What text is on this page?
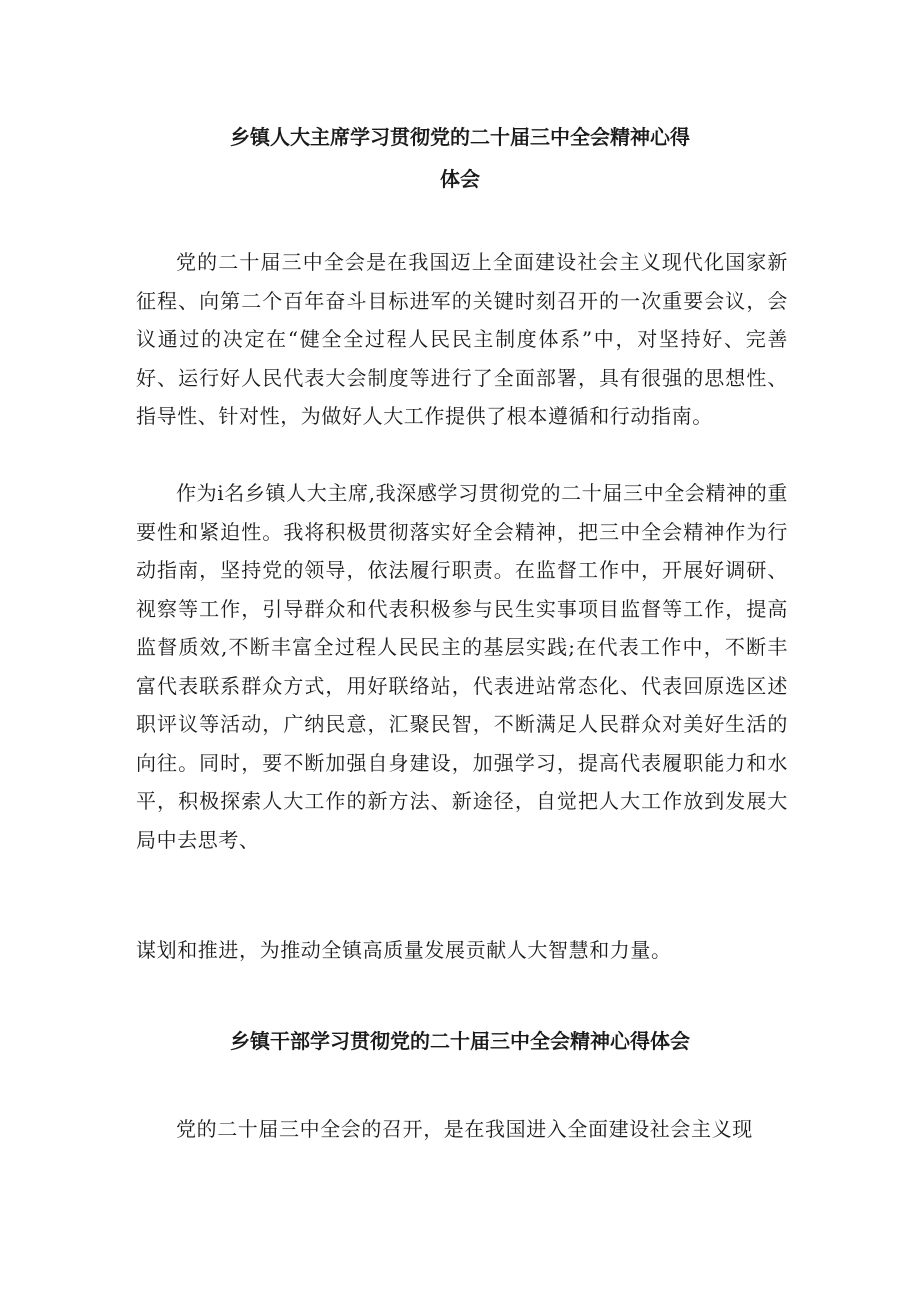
乡镇人大主席学习贯彻党的二十届三中全会精神心得
体会

党的二十届三中全会是在我国迈上全面建设社会主义现代化国家新征程、向第二个百年奋斗目标进军的关键时刻召开的一次重要会议，会议通过的决定在“健全全过程人民民主制度体系”中，对坚持好、完善好、运行好人民代表大会制度等进行了全面部署，具有很强的思想性、指导性、针对性，为做好人大工作提供了根本遵循和行动指南。

作为i名乡镇人大主席,我深感学习贯彻党的二十届三中全会精神的重要性和紧迫性。我将积极贯彻落实好全会精神，把三中全会精神作为行动指南，坚持党的领导，依法履行职责。在监督工作中，开展好调研、视察等工作，引导群众和代表积极参与民生实事项目监督等工作，提高监督质效,不断丰富全过程人民民主的基层实践;在代表工作中，不断丰富代表联系群众方式，用好联络站，代表进站常态化、代表回原选区述职评议等活动，广纳民意，汇聚民智，不断满足人民群众对美好生活的向往。同时，要不断加强自身建设，加强学习，提高代表履职能力和水平，积极探索人大工作的新方法、新途径，自觉把人大工作放到发展大局中去思考、

谋划和推进，为推动全镇高质量发展贡献人大智慧和力量。

乡镇干部学习贯彻党的二十届三中全会精神心得体会

党的二十届三中全会的召开，是在我国进入全面建设社会主义现
